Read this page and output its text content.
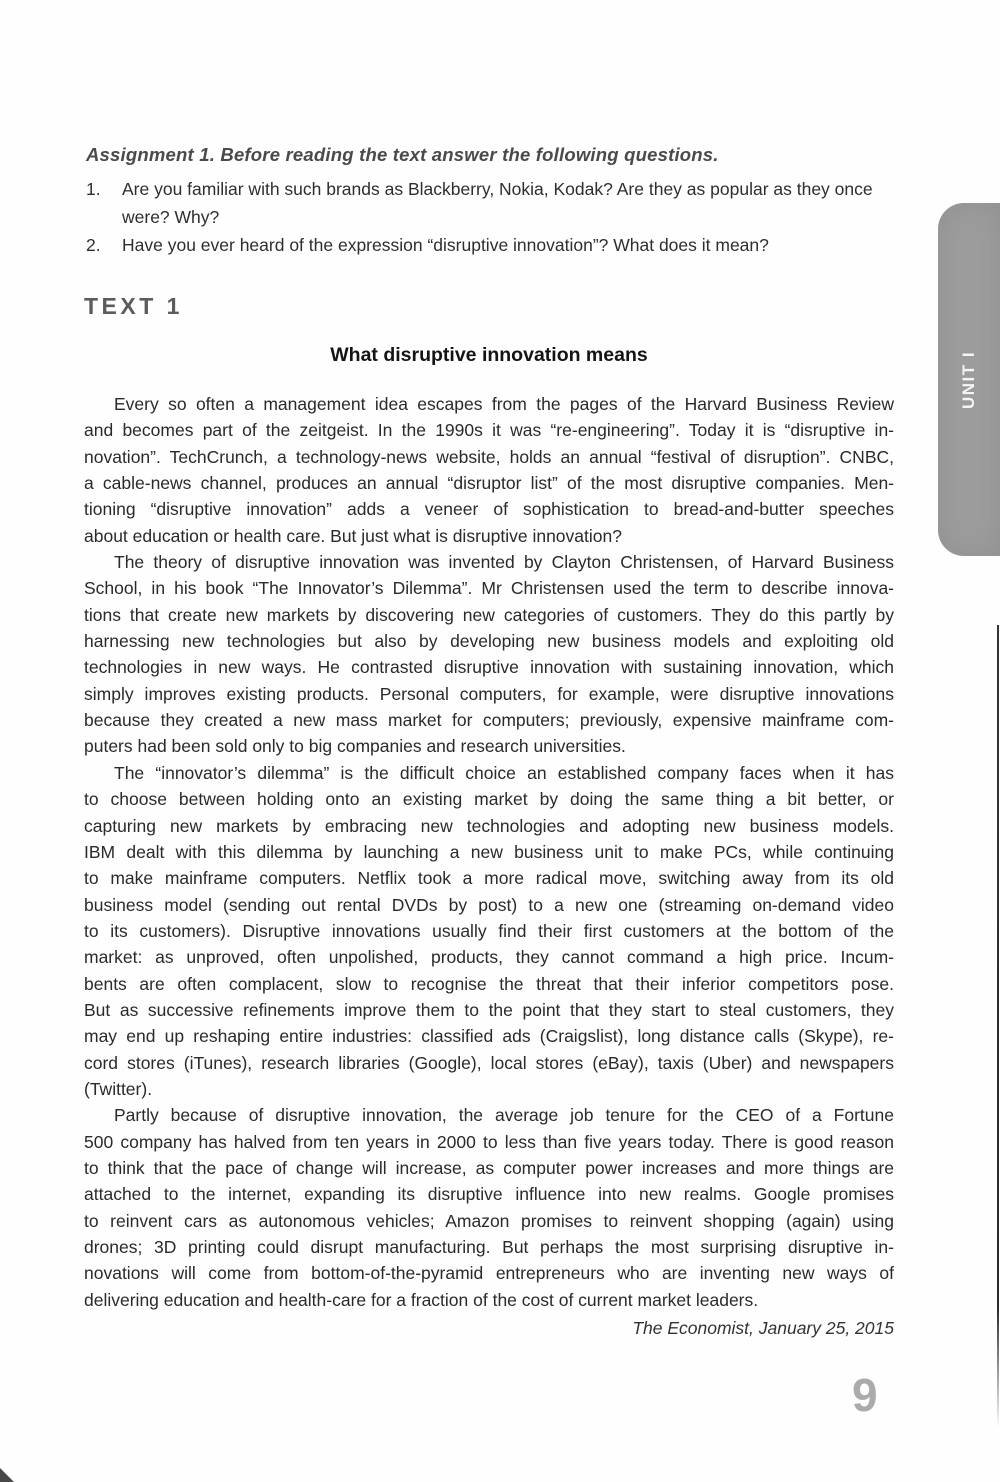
Assignment 1. Before reading the text answer the following questions.
1.	Are you familiar with such brands as Blackberry, Nokia, Kodak? Are they as popular as they once were? Why?
2.	Have you ever heard of the expression “disruptive innovation”? What does it mean?
TEXT 1
What disruptive innovation means
Every so often a management idea escapes from the pages of the Harvard Business Review
and becomes part of the zeitgeist. In the 1990s it was “re-engineering”. Today it is “disruptive in-
novation”. TechCrunch, a technology-news website, holds an annual “festival of disruption”. CNBC,
a cable-news channel, produces an annual “disruptor list” of the most disruptive companies. Men-
tioning “disruptive innovation” adds a veneer of sophistication to bread-and-butter speeches
about education or health care. But just what is disruptive innovation?
The theory of disruptive innovation was invented by Clayton Christensen, of Harvard Business
School, in his book “The Innovator’s Dilemma”. Mr Christensen used the term to describe innova-
tions that create new markets by discovering new categories of customers. They do this partly by
harnessing new technologies but also by developing new business models and exploiting old
technologies in new ways. He contrasted disruptive innovation with sustaining innovation, which
simply improves existing products. Personal computers, for example, were disruptive innovations
because they created a new mass market for computers; previously, expensive mainframe com-
puters had been sold only to big companies and research universities.
The “innovator’s dilemma” is the difficult choice an established company faces when it has
to choose between holding onto an existing market by doing the same thing a bit better, or
capturing new markets by embracing new technologies and adopting new business models.
IBM dealt with this dilemma by launching a new business unit to make PCs, while continuing
to make mainframe computers. Netflix took a more radical move, switching away from its old
business model (sending out rental DVDs by post) to a new one (streaming on-demand video
to its customers). Disruptive innovations usually find their first customers at the bottom of the
market: as unproved, often unpolished, products, they cannot command a high price. Incum-
bents are often complacent, slow to recognise the threat that their inferior competitors pose.
But as successive refinements improve them to the point that they start to steal customers, they
may end up reshaping entire industries: classified ads (Craigslist), long distance calls (Skype), re-
cord stores (iTunes), research libraries (Google), local stores (eBay), taxis (Uber) and newspapers
(Twitter).
Partly because of disruptive innovation, the average job tenure for the CEO of a Fortune
500 company has halved from ten years in 2000 to less than five years today. There is good reason
to think that the pace of change will increase, as computer power increases and more things are
attached to the internet, expanding its disruptive influence into new realms. Google promises
to reinvent cars as autonomous vehicles; Amazon promises to reinvent shopping (again) using
drones; 3D printing could disrupt manufacturing. But perhaps the most surprising disruptive in-
novations will come from bottom-of-the-pyramid entrepreneurs who are inventing new ways of
delivering education and health-care for a fraction of the cost of current market leaders.
The Economist, January 25, 2015
UNIT I
9
